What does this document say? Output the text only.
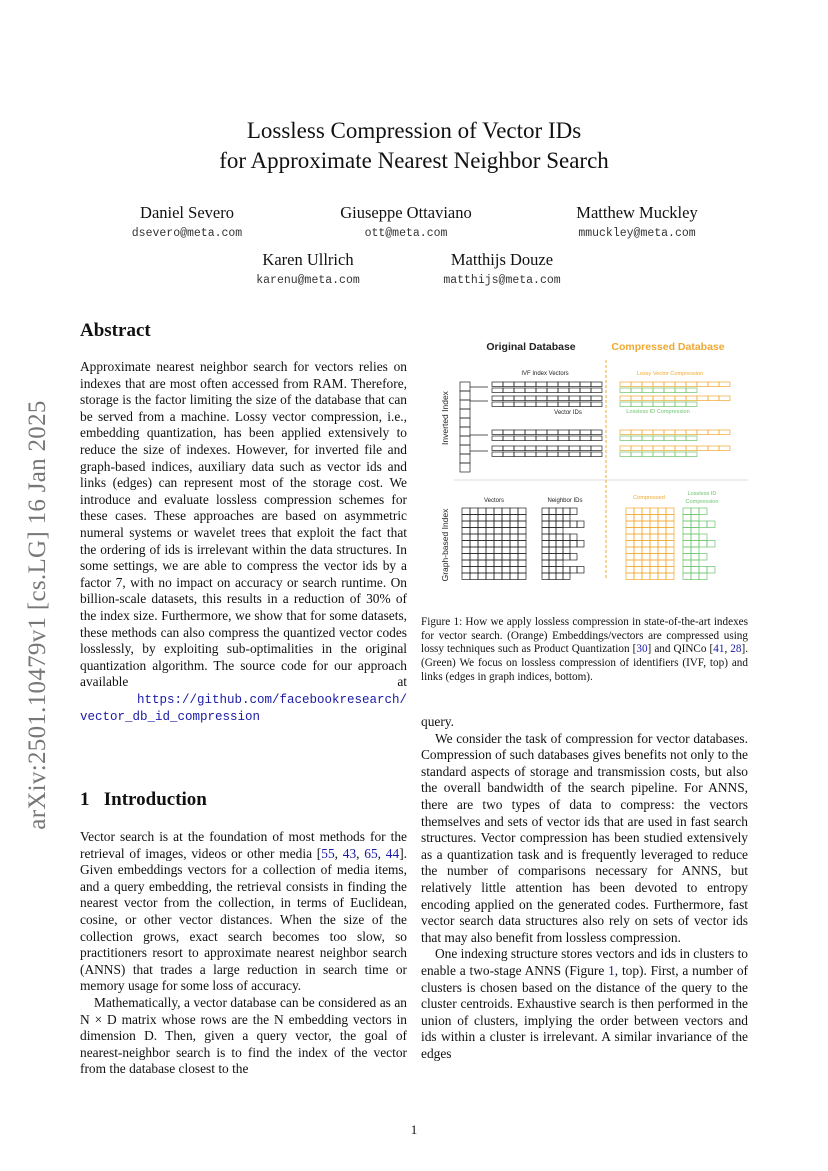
Lossless Compression of Vector IDs
for Approximate Nearest Neighbor Search
Daniel Severo
dsevero@meta.com
Giuseppe Ottaviano
ott@meta.com
Matthew Muckley
mmuckley@meta.com
Karen Ullrich
karenu@meta.com
Matthijs Douze
matthijs@meta.com
arXiv:2501.10479v1 [cs.LG] 16 Jan 2025
Abstract
Approximate nearest neighbor search for vectors relies on indexes that are most often accessed from RAM. Therefore, storage is the factor limiting the size of the database that can be served from a machine. Lossy vector compression, i.e., embedding quantization, has been applied extensively to reduce the size of indexes. However, for inverted file and graph-based indices, auxiliary data such as vector ids and links (edges) can represent most of the storage cost. We introduce and evaluate lossless compression schemes for these cases. These approaches are based on asymmetric numeral systems or wavelet trees that exploit the fact that the ordering of ids is irrelevant within the data structures. In some settings, we are able to compress the vector ids by a factor 7, with no impact on accuracy or search runtime. On billion-scale datasets, this results in a reduction of 30% of the index size. Furthermore, we show that for some datasets, these methods can also compress the quantized vector codes losslessly, by exploiting sub-optimalities in the original quantization algorithm. The source code for our approach available at  https://github.com/facebookresearch/ vector_db_id_compression
1 Introduction
Vector search is at the foundation of most methods for the retrieval of images, videos or other media [55, 43, 65, 44]. Given embeddings vectors for a collection of media items, and a query embedding, the retrieval consists in finding the nearest vector from the collection, in terms of Euclidean, cosine, or other vector distances. When the size of the collection grows, exact search becomes too slow, so practitioners resort to approximate nearest neighbor search (ANNS) that trades a large reduction in search time or memory usage for some loss of accuracy.
Mathematically, a vector database can be considered as an N × D matrix whose rows are the N embedding vectors in dimension D. Then, given a query vector, the goal of nearest-neighbor search is to find the index of the vector from the database closest to the
query.
We consider the task of compression for vector databases. Compression of such databases gives benefits not only to the standard aspects of storage and transmission costs, but also the overall bandwidth of the search pipeline. For ANNS, there are two types of data to compress: the vectors themselves and sets of vector ids that are used in fast search structures. Vector compression has been studied extensively as a quantization task and is frequently leveraged to reduce the number of comparisons necessary for ANNS, but relatively little attention has been devoted to entropy encoding applied on the generated codes. Furthermore, fast vector search data structures also rely on sets of vector ids that may also benefit from lossless compression.
One indexing structure stores vectors and ids in clusters to enable a two-stage ANNS (Figure 1, top). First, a number of clusters is chosen based on the distance of the query to the cluster centroids. Exhaustive search is then performed in the union of clusters, implying the order between vectors and ids within a cluster is irrelevant. A similar invariance of the edges
Original Database	Compressed Database
Inverted Index
Graph-based Index
IVF Index Vectors
Vector IDs
Lossy Vector Compression
Lossless ID Compression
Vectors	Neighbor IDs	Compressed
Lossless ID
Compression
Figure 1: How we apply lossless compression in state-of-the-art indexes for vector search. (Orange) Embeddings/vectors are compressed using lossy techniques such as Product Quantization [30] and QINCo [41, 28]. (Green) We focus on lossless compression of identifiers (IVF, top) and links (edges in graph indices, bottom).
1
